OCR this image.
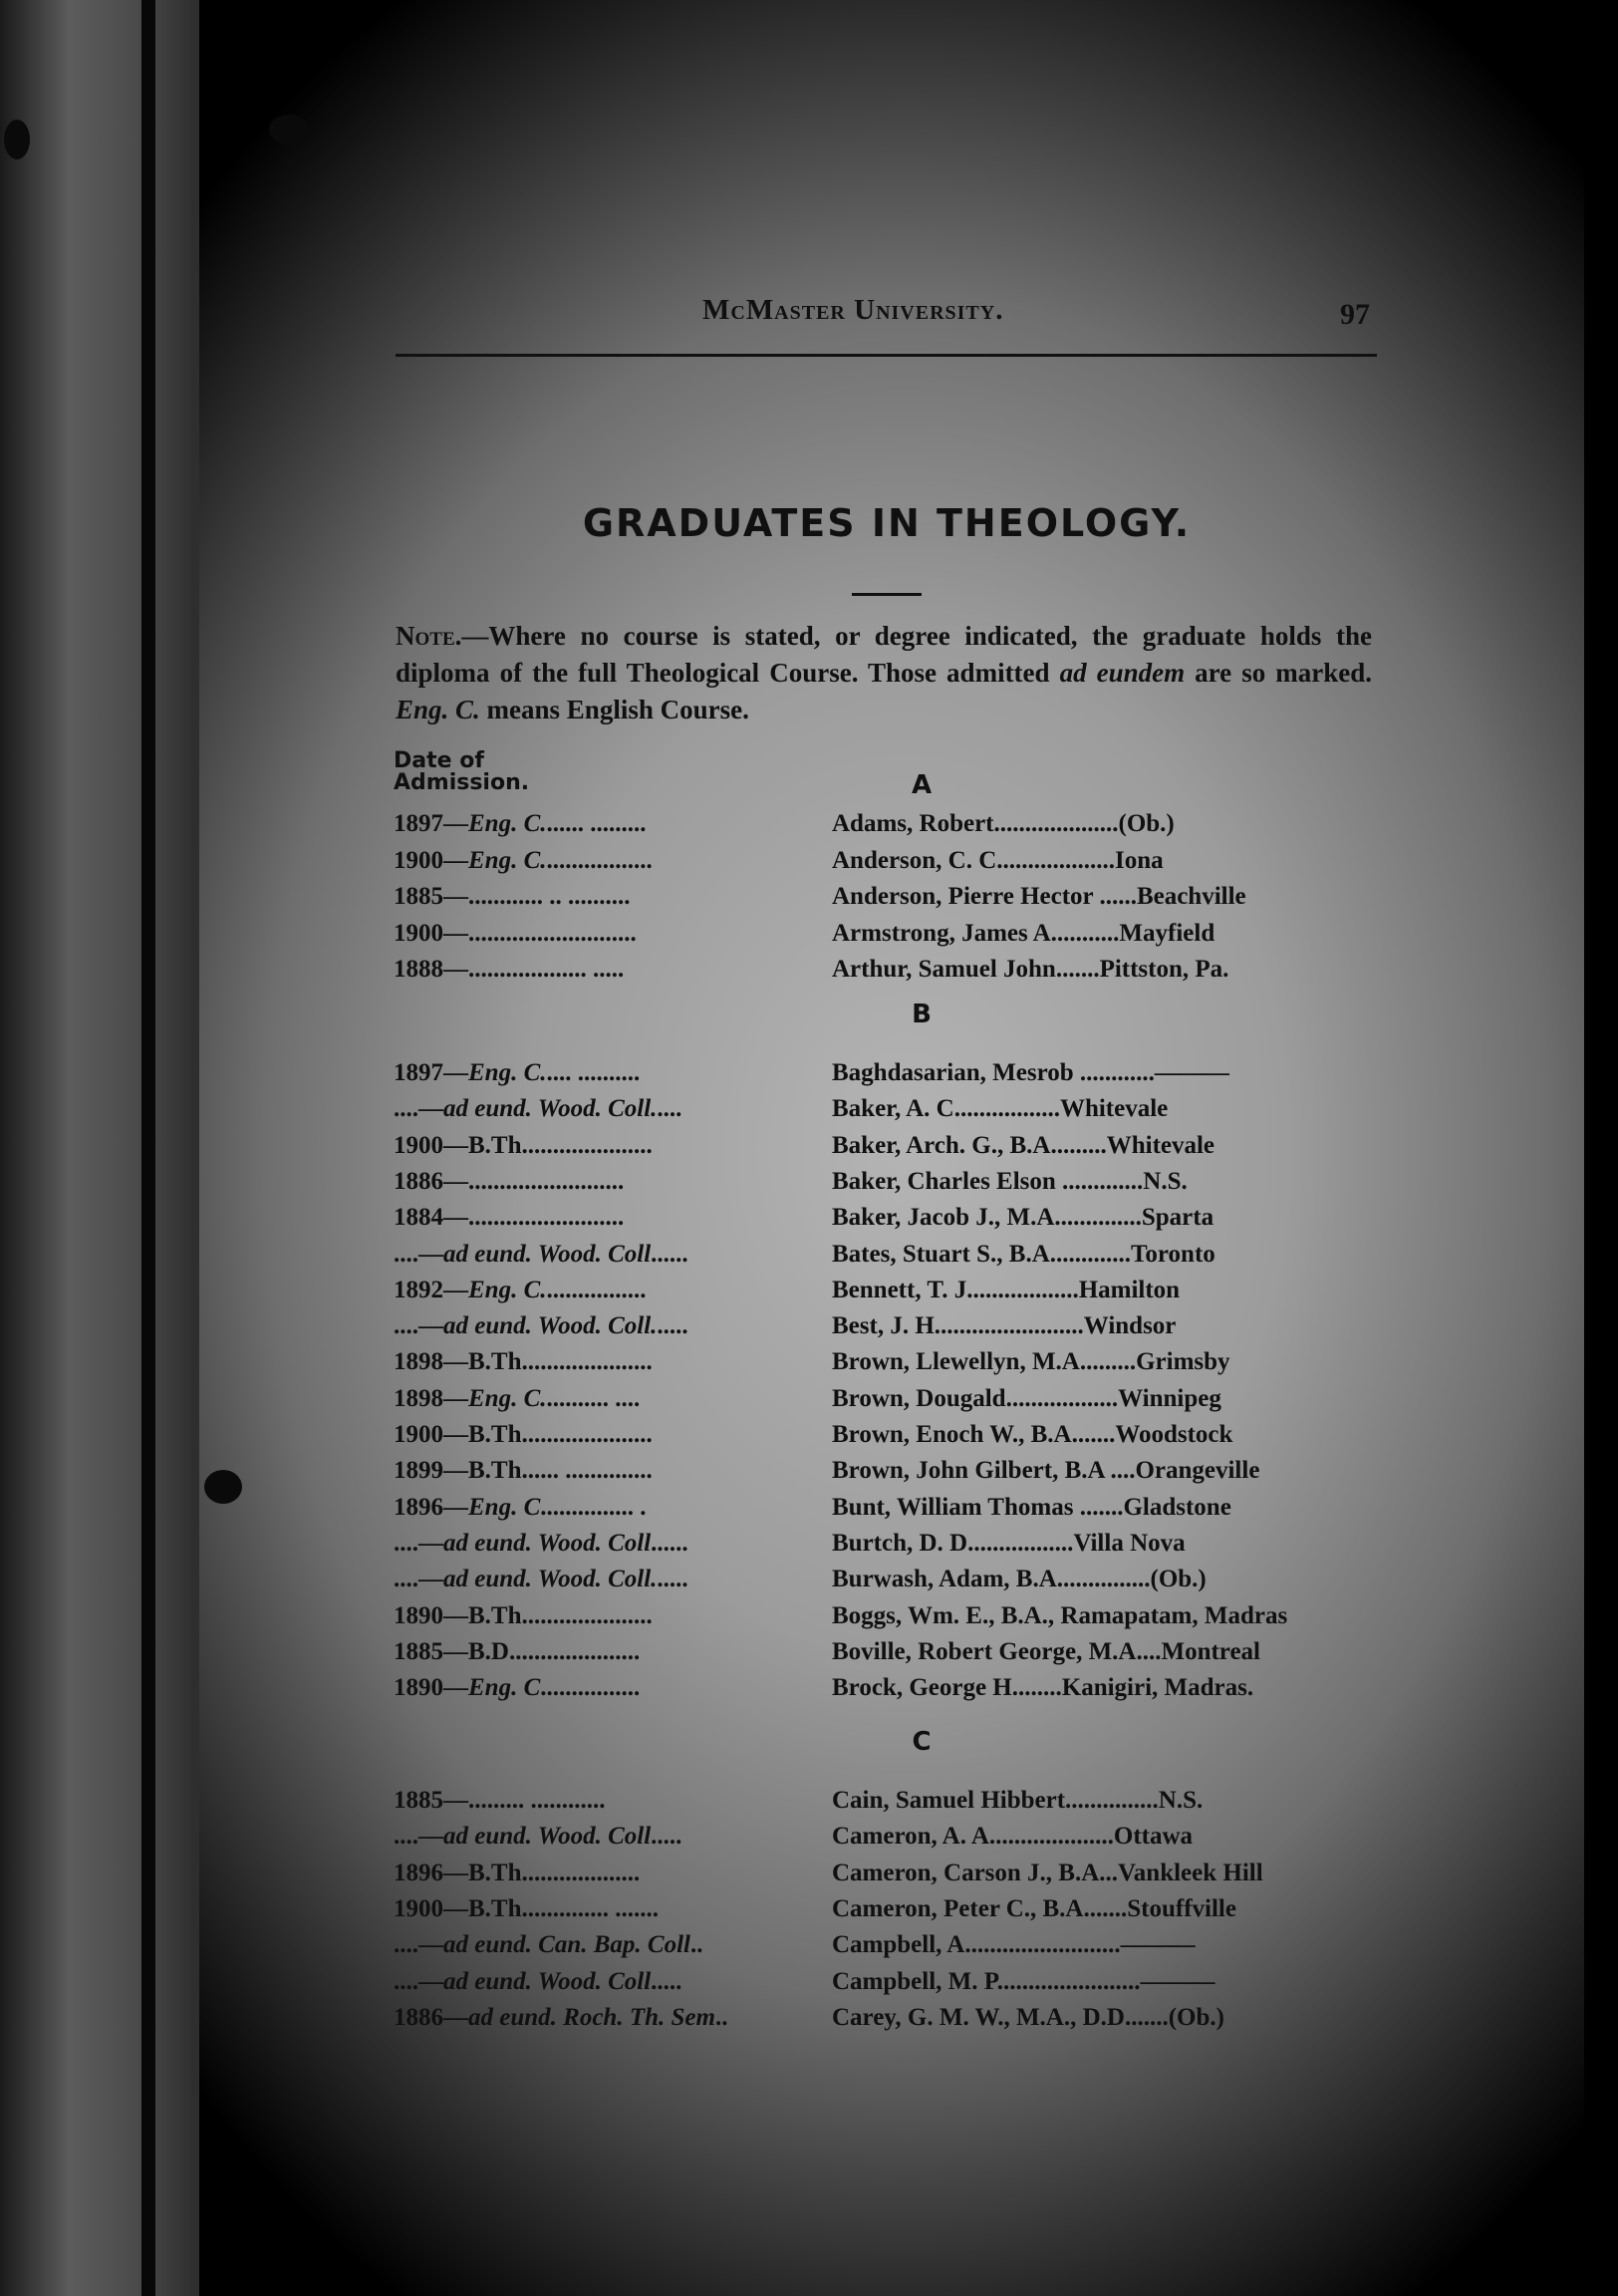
McMaster University.	97
GRADUATES IN THEOLOGY.
Note.—Where no course is stated, or degree indicated, the graduate holds the diploma of the full Theological Course. Those admitted ad eundem are so marked. Eng. C. means English Course.
Date of
Admission.	A
1897—Eng. C....... .........	Adams, Robert....................(Ob.)
1900—Eng. C..................	Anderson, C. C...................Iona
1885—............ .. ..........	Anderson, Pierre Hector ......Beachville
1900—...........................	Armstrong, James A...........Mayfield
1888—................... .....	Arthur, Samuel John.......Pittston, Pa.
B
1897—Eng. C..... ..........	Baghdasarian, Mesrob ............———
....—ad eund. Wood. Coll.....	Baker, A. C.................Whitevale
1900—B.Th.....................	Baker, Arch. G., B.A.........Whitevale
1886—.........................	Baker, Charles Elson .............N.S.
1884—.........................	Baker, Jacob J., M.A..............Sparta
....—ad eund. Wood. Coll......	Bates, Stuart S., B.A.............Toronto
1892—Eng. C.................	Bennett, T. J..................Hamilton
....—ad eund. Wood. Coll......	Best, J. H........................Windsor
1898—B.Th.....................	Brown, Llewellyn, M.A.........Grimsby
1898—Eng. C........... ....	Brown, Dougald..................Winnipeg
1900—B.Th.....................	Brown, Enoch W., B.A.......Woodstock
1899—B.Th...... ..............	Brown, John Gilbert, B.A ....Orangeville
1896—Eng. C............... .	Bunt, William Thomas .......Gladstone
....—ad eund. Wood. Coll......	Burtch, D. D.................Villa Nova
....—ad eund. Wood. Coll......	Burwash, Adam, B.A...............(Ob.)
1890—B.Th.....................	Boggs, Wm. E., B.A., Ramapatam, Madras
1885—B.D.....................	Boville, Robert George, M.A....Montreal
1890—Eng. C................	Brock, George H........Kanigiri, Madras.
C
1885—......... ............	Cain, Samuel Hibbert...............N.S.
....—ad eund. Wood. Coll.....	Cameron, A. A....................Ottawa
1896—B.Th...................	Cameron, Carson J., B.A...Vankleek Hill
1900—B.Th.............. .......	Cameron, Peter C., B.A.......Stouffville
....—ad eund. Can. Bap. Coll..	Campbell, A.........................———
....—ad eund. Wood. Coll.....	Campbell, M. P.......................———
1886—ad eund. Roch. Th. Sem..	Carey, G. M. W., M.A., D.D.......(Ob.)
